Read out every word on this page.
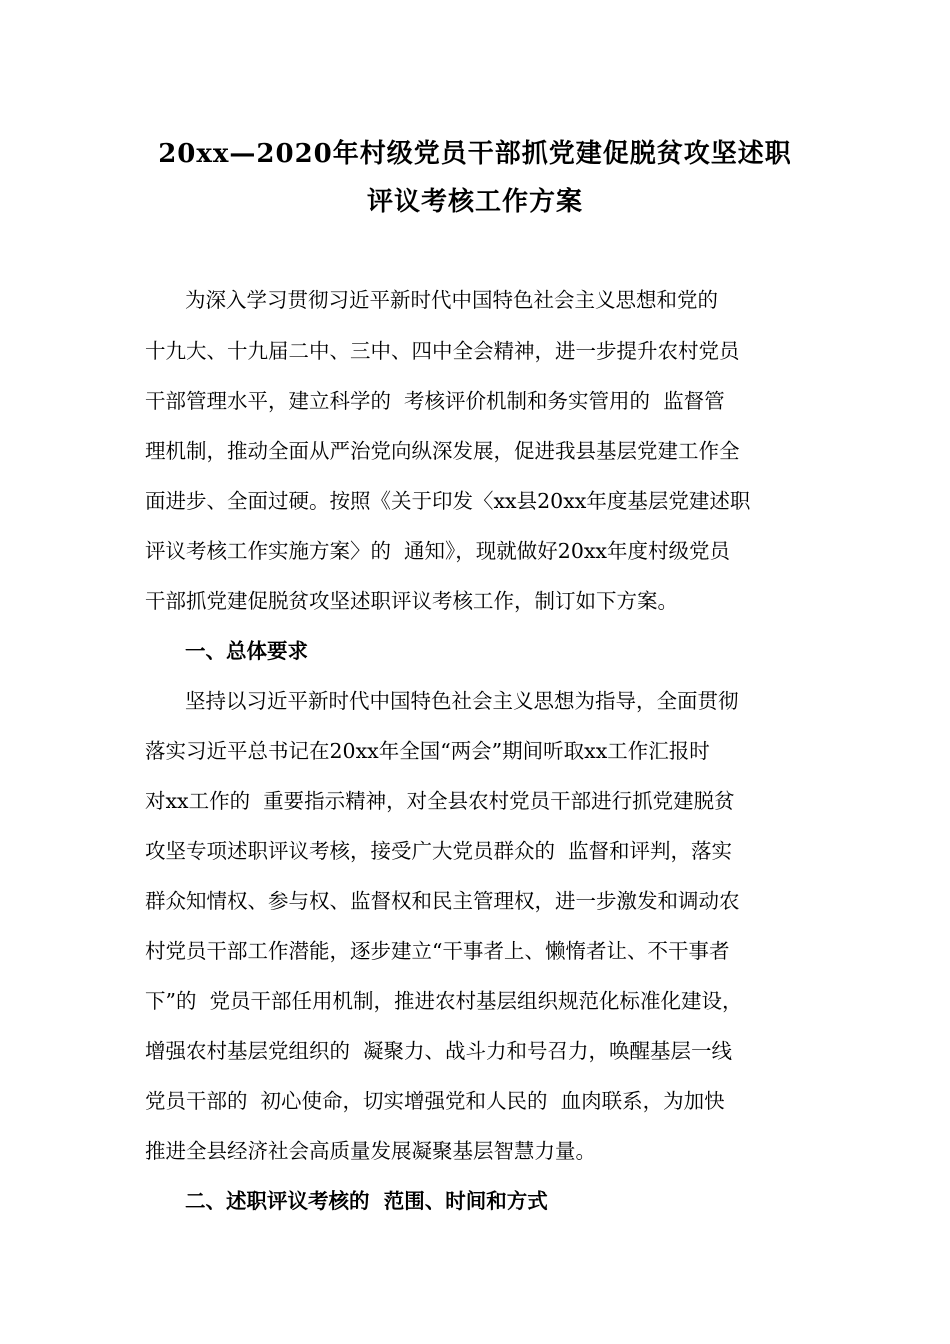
20xx—2020年村级党员干部抓党建促脱贫攻坚述职
评议考核工作方案
为深入学习贯彻习近平新时代中国特色社会主义思想和党的
十九大、十九届二中、三中、四中全会精神，进一步提升农村党员
干部管理水平，建立科学的  考核评价机制和务实管用的  监督管
理机制，推动全面从严治党向纵深发展，促进我县基层党建工作全
面进步、全面过硬。按照《关于印发〈xx县20xx年度基层党建述职
评议考核工作实施方案〉的  通知》，现就做好20xx年度村级党员
干部抓党建促脱贫攻坚述职评议考核工作，制订如下方案。
一、总体要求
坚持以习近平新时代中国特色社会主义思想为指导，全面贯彻
落实习近平总书记在20xx年全国“两会”期间听取xx工作汇报时
对xx工作的  重要指示精神，对全县农村党员干部进行抓党建脱贫
攻坚专项述职评议考核，接受广大党员群众的  监督和评判，落实
群众知情权、参与权、监督权和民主管理权，进一步激发和调动农
村党员干部工作潜能，逐步建立“干事者上、懒惰者让、不干事者
下”的  党员干部任用机制，推进农村基层组织规范化标准化建设，
增强农村基层党组织的  凝聚力、战斗力和号召力，唤醒基层一线
党员干部的  初心使命，切实增强党和人民的  血肉联系，为加快
推进全县经济社会高质量发展凝聚基层智慧力量。
二、述职评议考核的  范围、时间和方式
